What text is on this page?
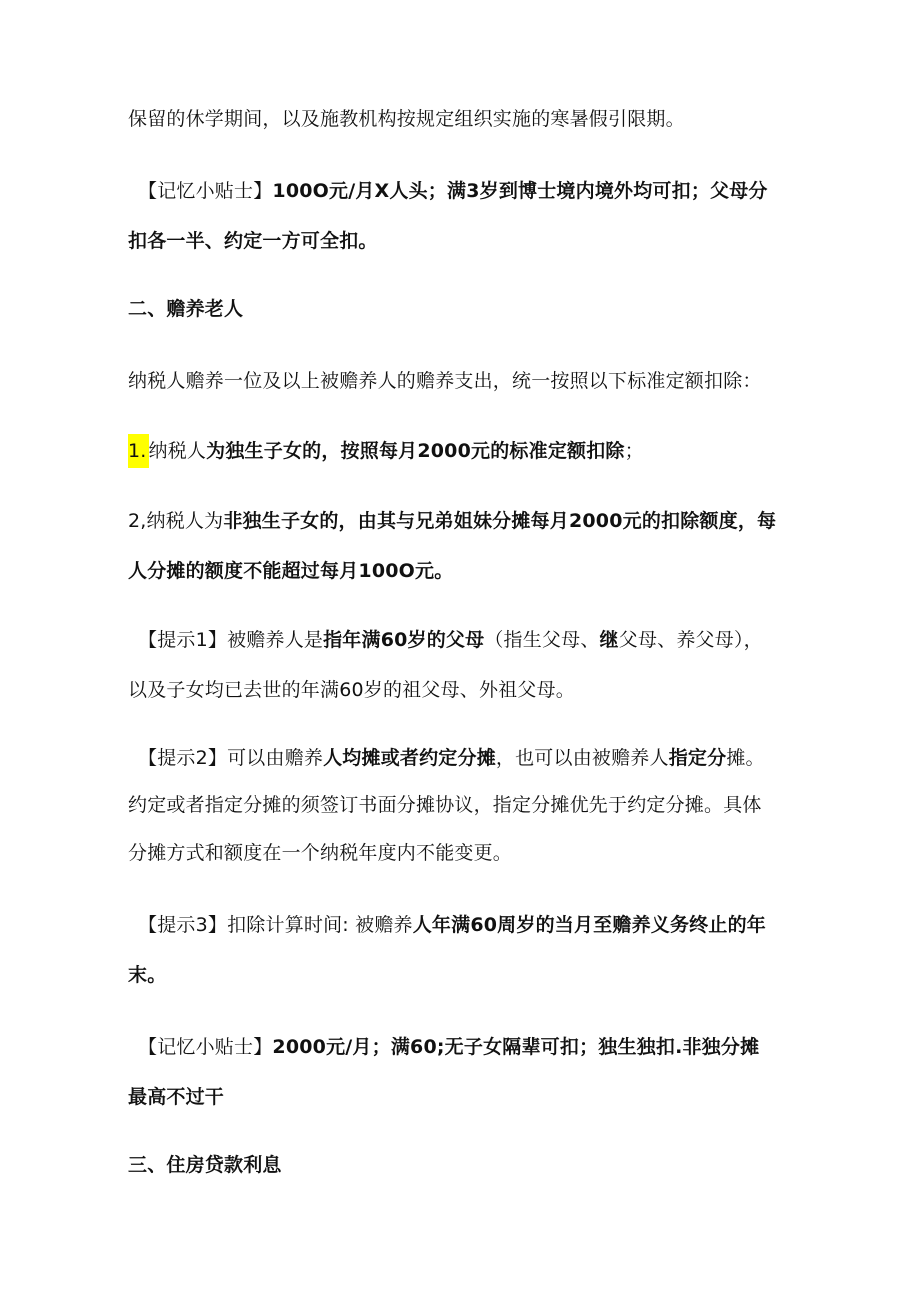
保留的休学期间，以及施教机构按规定组织实施的寒暑假引限期。
【记忆小贴士】100O元/月X人头；满3岁到博士境内境外均可扣；父母分
扣各一半、约定一方可全扣。
二、赡养老人
纳税人赡养一位及以上被赡养人的赡养支出，统一按照以下标准定额扣除：
1. 纳税人为独生子女的，按照每月2000元的标准定额扣除；
2,纳税人为非独生子女的，由其与兄弟姐妹分摊每月2000元的扣除额度，每
人分摊的额度不能超过每月100O元。
【提示1】被赡养人是指年满60岁的父母（指生父母、继父母、养父母），
以及子女均已去世的年满60岁的祖父母、外祖父母。
【提示2】可以由赡养人均摊或者约定分摊，也可以由被赡养人指定分摊。
约定或者指定分摊的须签订书面分摊协议，指定分摊优先于约定分摊。具体
分摊方式和额度在一个纳税年度内不能变更。
【提示3】扣除计算时间: 被赡养人年满60周岁的当月至赡养义务终止的年
末。
【记忆小贴士】2000元/月；满60;无子女隔辈可扣；独生独扣.非独分摊
最高不过干
三、住房贷款利息
